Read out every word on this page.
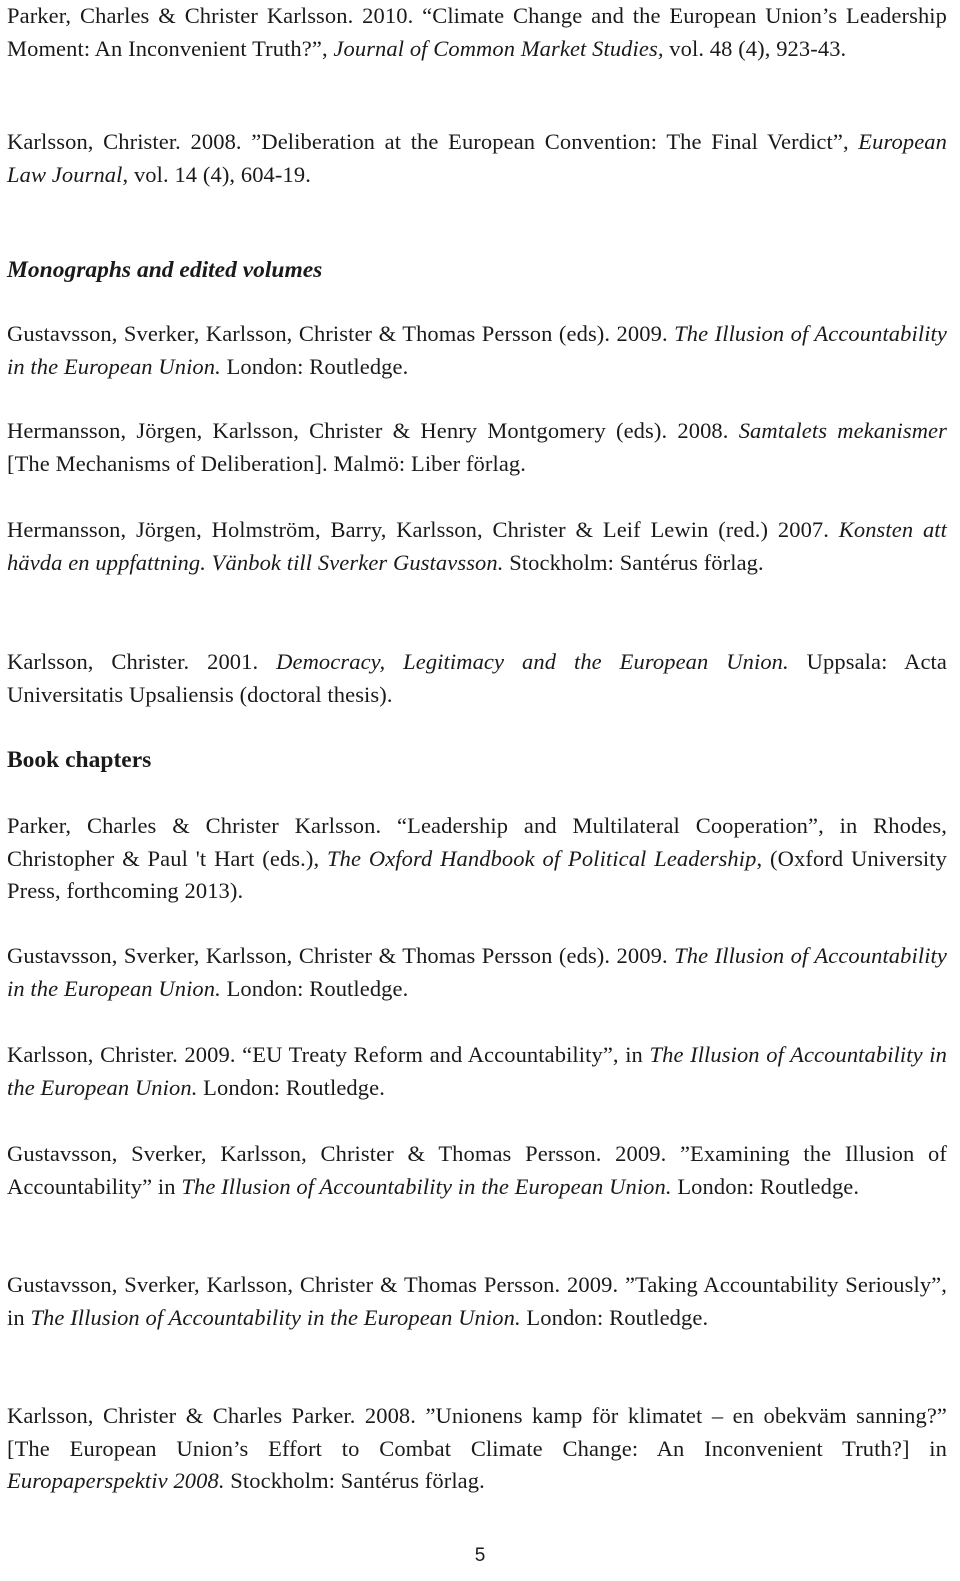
Parker, Charles & Christer Karlsson. 2010. “Climate Change and the European Union’s Leadership Moment: An Inconvenient Truth?”, Journal of Common Market Studies, vol. 48 (4), 923-43.

Karlsson, Christer. 2008. ”Deliberation at the European Convention: The Final Verdict”, European Law Journal, vol. 14 (4), 604-19.

Monographs and edited volumes

Gustavsson, Sverker, Karlsson, Christer & Thomas Persson (eds). 2009. The Illusion of Accountability in the European Union. London: Routledge.

Hermansson, Jörgen, Karlsson, Christer & Henry Montgomery (eds). 2008. Samtalets mekanismer [The Mechanisms of Deliberation]. Malmö: Liber förlag.

Hermansson, Jörgen, Holmström, Barry, Karlsson, Christer & Leif Lewin (red.) 2007. Konsten att hävda en uppfattning. Vänbok till Sverker Gustavsson. Stockholm: Santérus förlag.

Karlsson, Christer. 2001. Democracy, Legitimacy and the European Union. Uppsala: Acta Universitatis Upsaliensis (doctoral thesis).

Book chapters

Parker, Charles & Christer Karlsson. “Leadership and Multilateral Cooperation”, in Rhodes, Christopher & Paul 't Hart (eds.), The Oxford Handbook of Political Leadership, (Oxford University Press, forthcoming 2013).

Gustavsson, Sverker, Karlsson, Christer & Thomas Persson (eds). 2009. The Illusion of Accountability in the European Union. London: Routledge.

Karlsson, Christer. 2009. “EU Treaty Reform and Accountability”, in The Illusion of Accountability in the European Union. London: Routledge.

Gustavsson, Sverker, Karlsson, Christer & Thomas Persson. 2009. ”Examining the Illusion of Accountability” in The Illusion of Accountability in the European Union. London: Routledge.

Gustavsson, Sverker, Karlsson, Christer & Thomas Persson. 2009. ”Taking Accountability Seriously”, in The Illusion of Accountability in the European Union. London: Routledge.

Karlsson, Christer & Charles Parker. 2008. ”Unionens kamp för klimatet – en obekväm sanning?” [The European Union’s Effort to Combat Climate Change: An Inconvenient Truth?] in Europaperspektiv 2008. Stockholm: Santérus förlag.

5
